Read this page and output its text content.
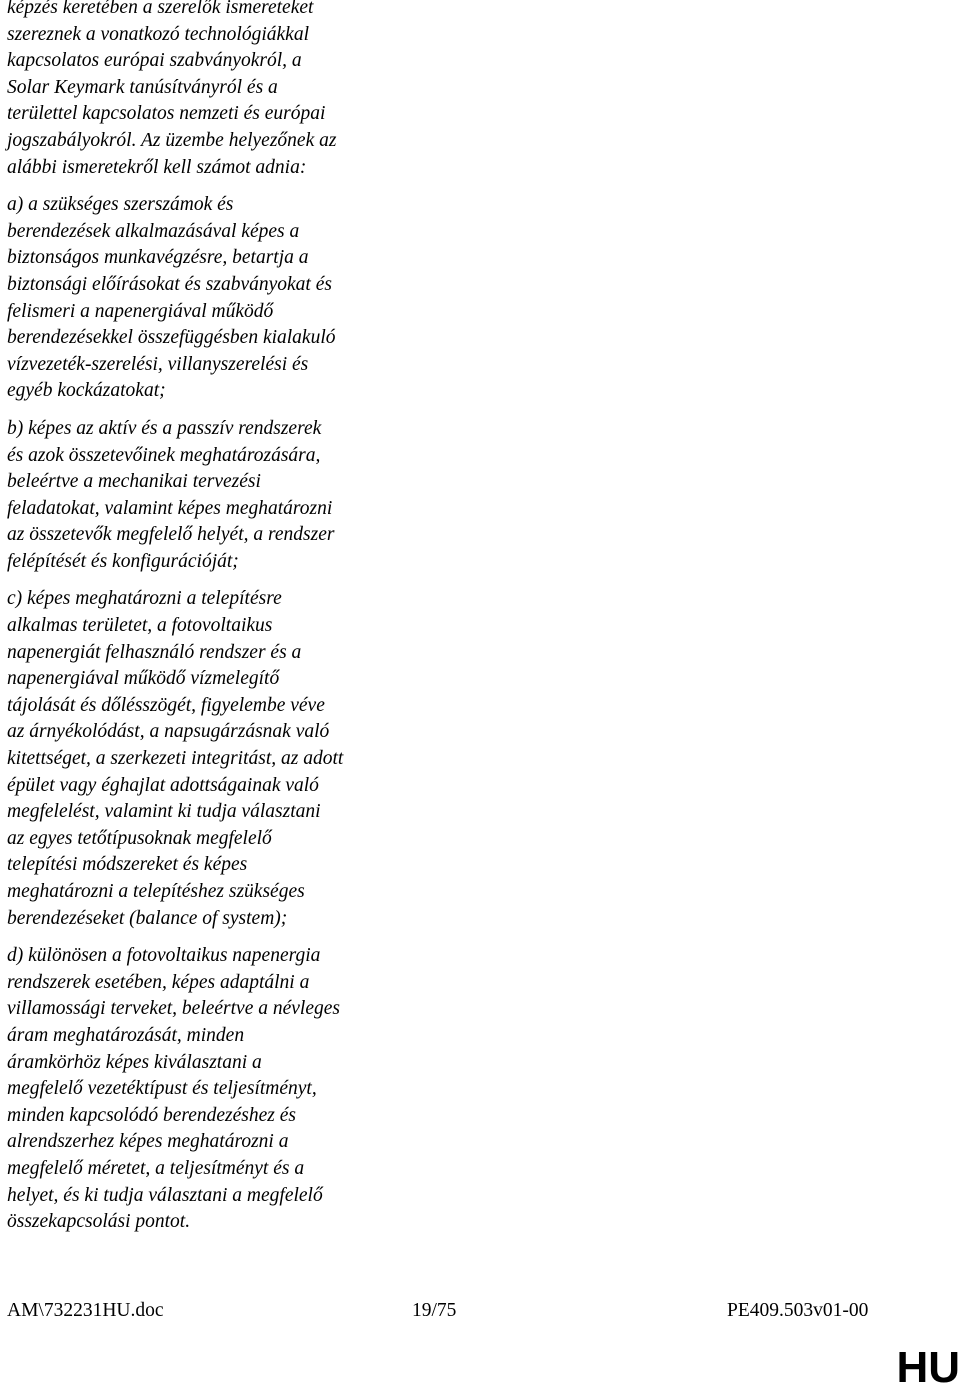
képzés keretében a szerelők ismereteket
szereznek a vonatkozó technológiákkal
kapcsolatos európai szabványokról, a
Solar Keymark tanúsítványról és a
területtel kapcsolatos nemzeti és európai
jogszabályokról. Az üzembe helyezőnek az
alábbi ismeretekről kell számot adnia:

a) a szükséges szerszámok és
berendezések alkalmazásával képes a
biztonságos munkavégzésre, betartja a
biztonsági előírásokat és szabványokat és
felismeri a napenergiával működő
berendezésekkel összefüggésben kialakuló
vízvezeték-szerelési, villanyszerelési és
egyéb kockázatokat;

b) képes az aktív és a passzív rendszerek
és azok összetevőinek meghatározására,
beleértve a mechanikai tervezési
feladatokat, valamint képes meghatározni
az összetevők megfelelő helyét, a rendszer
felépítését és konfigurációját;

c) képes meghatározni a telepítésre
alkalmas területet, a fotovoltaikus
napenergiát felhasználó rendszer és a
napenergiával működő vízmelegítő
tájolását és dőlésszögét, figyelembe véve
az árnyékolódást, a napsugárzásnak való
kitettséget, a szerkezeti integritást, az adott
épület vagy éghajlat adottságainak való
megfelelést, valamint ki tudja választani
az egyes tetőtípusoknak megfelelő
telepítési módszereket és képes
meghatározni a telepítéshez szükséges
berendezéseket (balance of system);

d) különösen a fotovoltaikus napenergia
rendszerek esetében, képes adaptálni a
villamossági terveket, beleértve a névleges
áram meghatározását, minden
áramkörhöz képes kiválasztani a
megfelelő vezetéktípust és teljesítményt,
minden kapcsolódó berendezéshez és
alrendszerhez képes meghatározni a
megfelelő méretet, a teljesítményt és a
helyet, és ki tudja választani a megfelelő
összekapcsolási pontot.

AM\732231HU.doc	19/75	PE409.503v01-00
HU
